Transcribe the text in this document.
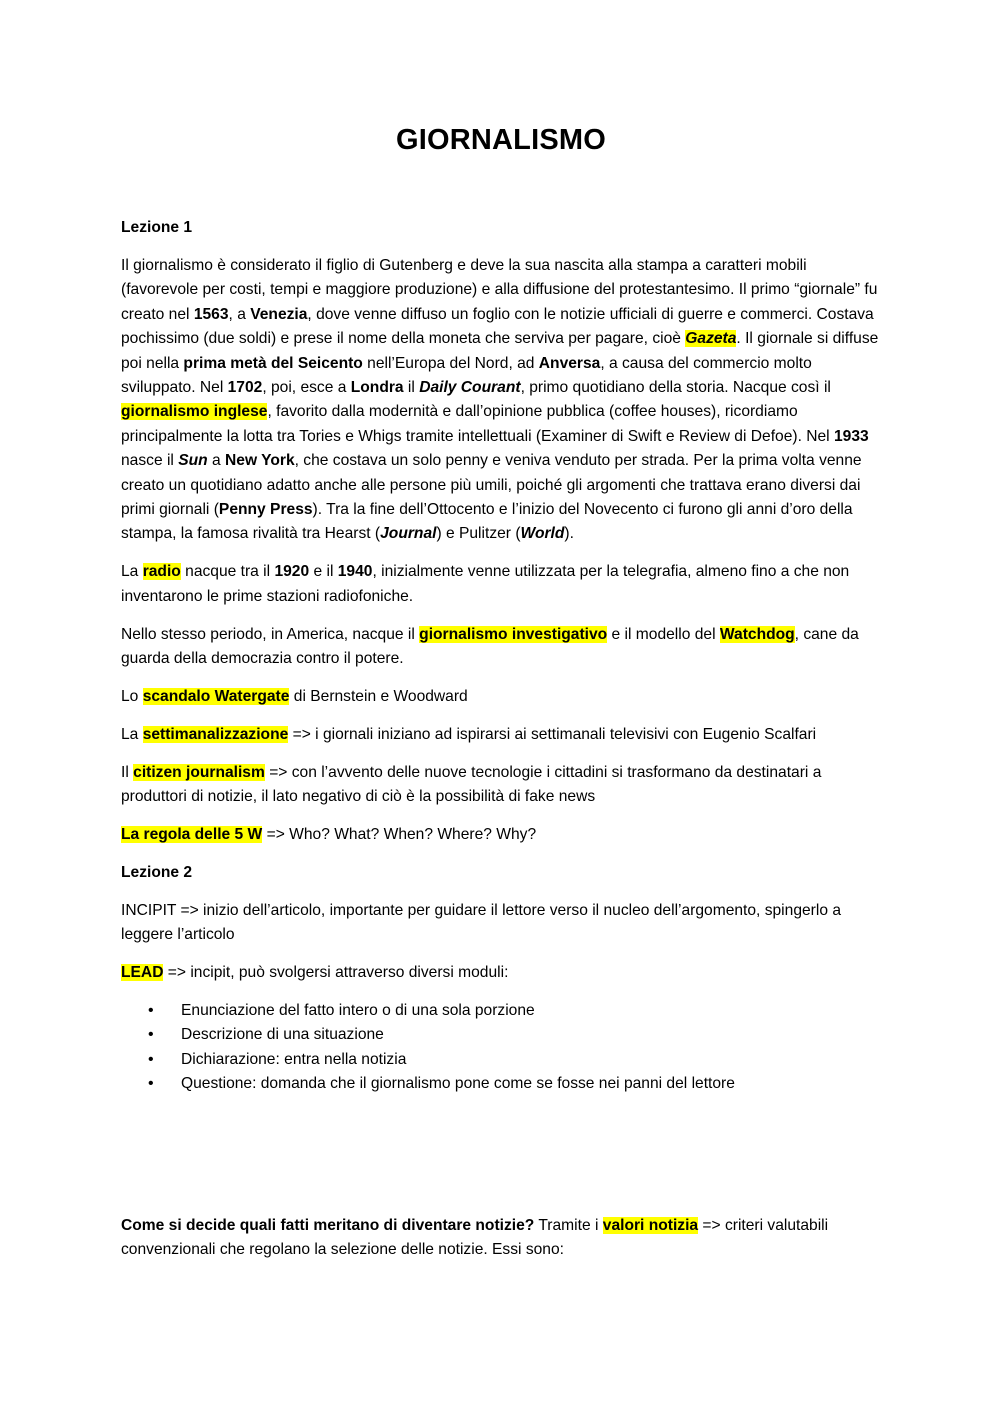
GIORNALISMO

Lezione 1

Il giornalismo è considerato il figlio di Gutenberg e deve la sua nascita alla stampa a caratteri mobili (favorevole per costi, tempi e maggiore produzione) e alla diffusione del protestantesimo. Il primo “giornale” fu creato nel 1563, a Venezia, dove venne diffuso un foglio con le notizie ufficiali di guerre e commerci. Costava pochissimo (due soldi) e prese il nome della moneta che serviva per pagare, cioè Gazeta. Il giornale si diffuse poi nella prima metà del Seicento nell’Europa del Nord, ad Anversa, a causa del commercio molto sviluppato. Nel 1702, poi, esce a Londra il Daily Courant, primo quotidiano della storia. Nacque così il giornalismo inglese, favorito dalla modernità e dall’opinione pubblica (coffee houses), ricordiamo principalmente la lotta tra Tories e Whigs tramite intellettuali (Examiner di Swift e Review di Defoe). Nel 1933 nasce il Sun a New York, che costava un solo penny e veniva venduto per strada. Per la prima volta venne creato un quotidiano adatto anche alle persone più umili, poiché gli argomenti che trattava erano diversi dai primi giornali (Penny Press). Tra la fine dell’Ottocento e l’inizio del Novecento ci furono gli anni d’oro della stampa, la famosa rivalità tra Hearst (Journal) e Pulitzer (World).

La radio nacque tra il 1920 e il 1940, inizialmente venne utilizzata per la telegrafia, almeno fino a che non inventarono le prime stazioni radiofoniche.

Nello stesso periodo, in America, nacque il giornalismo investigativo e il modello del Watchdog, cane da guarda della democrazia contro il potere.

Lo scandalo Watergate di Bernstein e Woodward

La settimanalizzazione => i giornali iniziano ad ispirarsi ai settimanali televisivi con Eugenio Scalfari

Il citizen journalism => con l’avvento delle nuove tecnologie i cittadini si trasformano da destinatari a produttori di notizie, il lato negativo di ciò è la possibilità di fake news

La regola delle 5 W => Who? What? When? Where? Why?

Lezione 2

INCIPIT => inizio dell’articolo, importante per guidare il lettore verso il nucleo dell’argomento, spingerlo a leggere l’articolo

LEAD => incipit, può svolgersi attraverso diversi moduli:

• Enunciazione del fatto intero o di una sola porzione
• Descrizione di una situazione
• Dichiarazione: entra nella notizia
• Questione: domanda che il giornalismo pone come se fosse nei panni del lettore

Come si decide quali fatti meritano di diventare notizie? Tramite i valori notizia => criteri valutabili convenzionali che regolano la selezione delle notizie. Essi sono:
